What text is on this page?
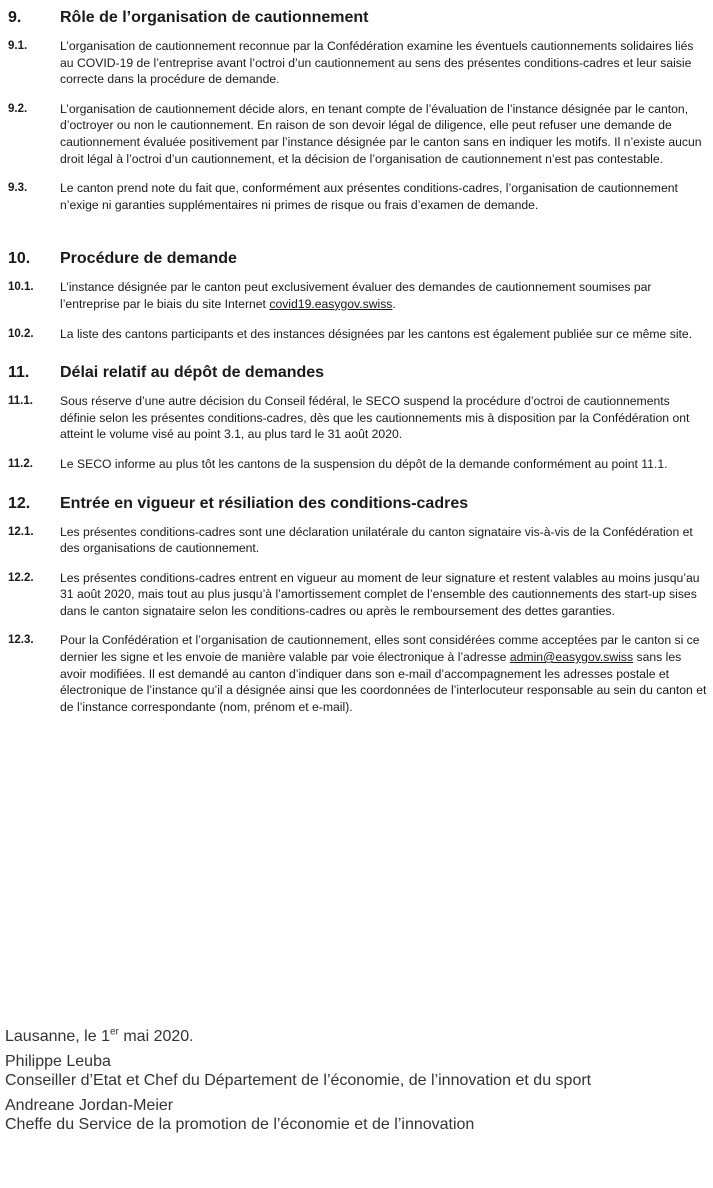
9.	Rôle de l’organisation de cautionnement
9.1.	L’organisation de cautionnement reconnue par la Confédération examine les éventuels cautionnements solidaires liés au COVID-19 de l’entreprise avant l’octroi d’un cautionnement au sens des présentes conditions-cadres et leur saisie correcte dans la procédure de demande.
9.2.	L’organisation de cautionnement décide alors, en tenant compte de l’évaluation de l’instance désignée par le canton, d’octroyer ou non le cautionnement. En raison de son devoir légal de diligence, elle peut refuser une demande de cautionnement évaluée positivement par l’instance désignée par le canton sans en indiquer les motifs. Il n’existe aucun droit légal à l’octroi d’un cautionnement, et la décision de l’organisation de cautionnement n’est pas contestable.
9.3.	Le canton prend note du fait que, conformément aux présentes conditions-cadres, l’organisation de cautionnement n’exige ni garanties supplémentaires ni primes de risque ou frais d’examen de demande.
10.	Procédure de demande
10.1.	L’instance désignée par le canton peut exclusivement évaluer des demandes de cautionnement soumises par l’entreprise par le biais du site Internet covid19.easygov.swiss.
10.2.	La liste des cantons participants et des instances désignées par les cantons est également publiée sur ce même site.
11.	Délai relatif au dépôt de demandes
11.1.	Sous réserve d’une autre décision du Conseil fédéral, le SECO suspend la procédure d’octroi de cautionnements définie selon les présentes conditions-cadres, dès que les cautionnements mis à disposition par la Confédération ont atteint le volume visé au point 3.1, au plus tard le 31 août 2020.
11.2.	Le SECO informe au plus tôt les cantons de la suspension du dépôt de la demande conformément au point 11.1.
12.	Entrée en vigueur et résiliation des conditions-cadres
12.1.	Les présentes conditions-cadres sont une déclaration unilatérale du canton signataire vis-à-vis de la Confédération et des organisations de cautionnement.
12.2.	Les présentes conditions-cadres entrent en vigueur au moment de leur signature et restent valables au moins jusqu’au 31 août 2020, mais tout au plus jusqu’à l’amortissement complet de l’ensemble des cautionnements des start-up sises dans le canton signataire selon les conditions-cadres ou après le remboursement des dettes garanties.
12.3.	Pour la Confédération et l’organisation de cautionnement, elles sont considérées comme acceptées par le canton si ce dernier les signe et les envoie de manière valable par voie électronique à l’adresse admin@easygov.swiss sans les avoir modifiées. Il est demandé au canton d’indiquer dans son e-mail d’accompagnement les adresses postale et électronique de l’instance qu’il a désignée ainsi que les coordonnées de l’interlocuteur responsable au sein du canton et de l’instance correspondante (nom, prénom et e-mail).

Lausanne, le 1er mai 2020.

Philippe Leuba

Conseiller d’Etat et Chef du Département de l’économie, de l’innovation et du sport

Andreane Jordan-Meier

Cheffe du Service de la promotion de l’économie et de l’innovation
